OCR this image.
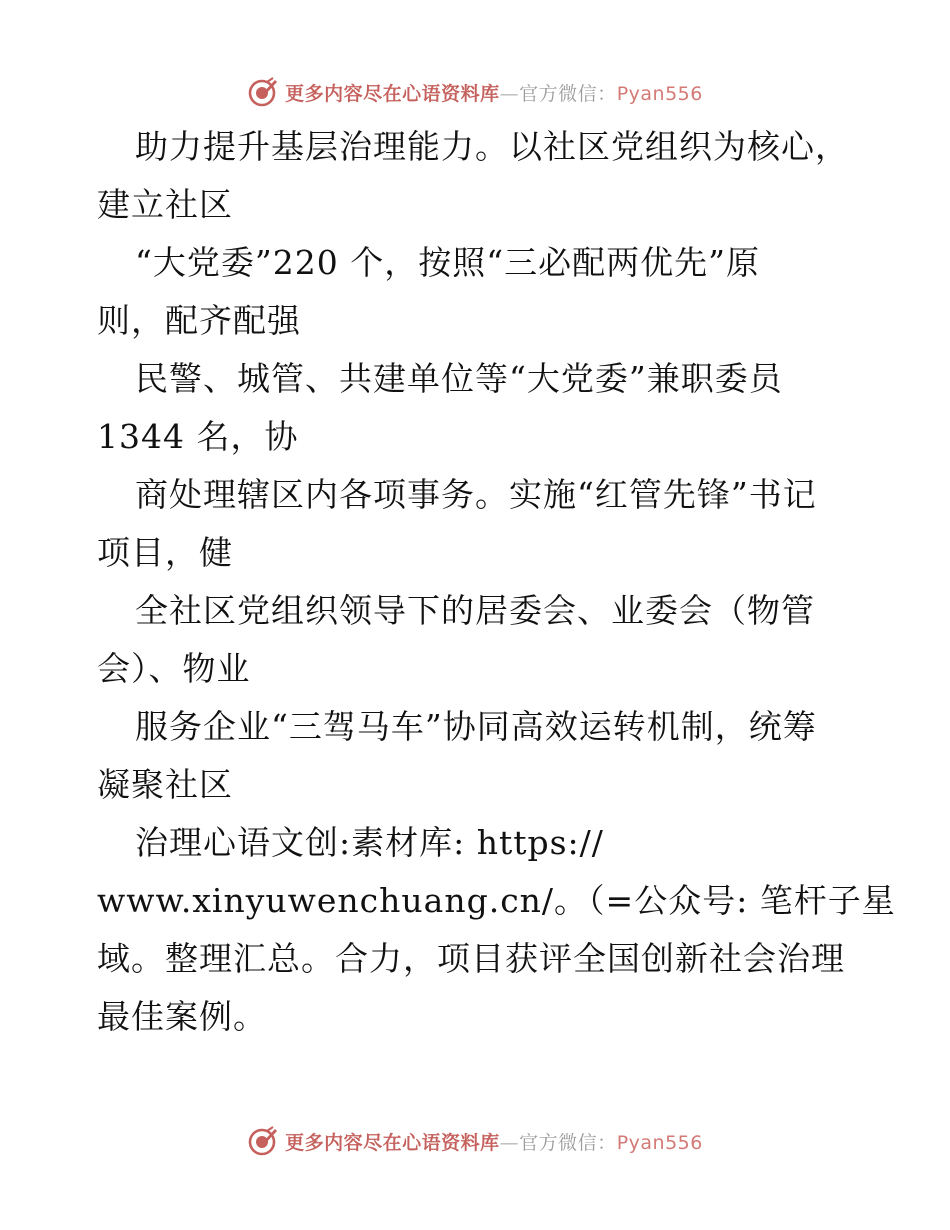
更多内容尽在心语资料库—官方微信：Pyan556
助力提升基层治理能力。以社区党组织为核心，
建立社区
“大党委”220 个，按照“三必配两优先”原
则，配齐配强
民警、城管、共建单位等“大党委”兼职委员
1344 名，协
商处理辖区内各项事务。实施“红管先锋”书记
项目，健
全社区党组织领导下的居委会、业委会（物管
会）、物业
服务企业“三驾马车”协同高效运转机制，统筹
凝聚社区
治理心语文创:素材库: https://
www.xinyuwenchuang.cn/。（=公众号: 笔杆子星
域。整理汇总。合力，项目获评全国创新社会治理
最佳案例。
更多内容尽在心语资料库—官方微信：Pyan556
